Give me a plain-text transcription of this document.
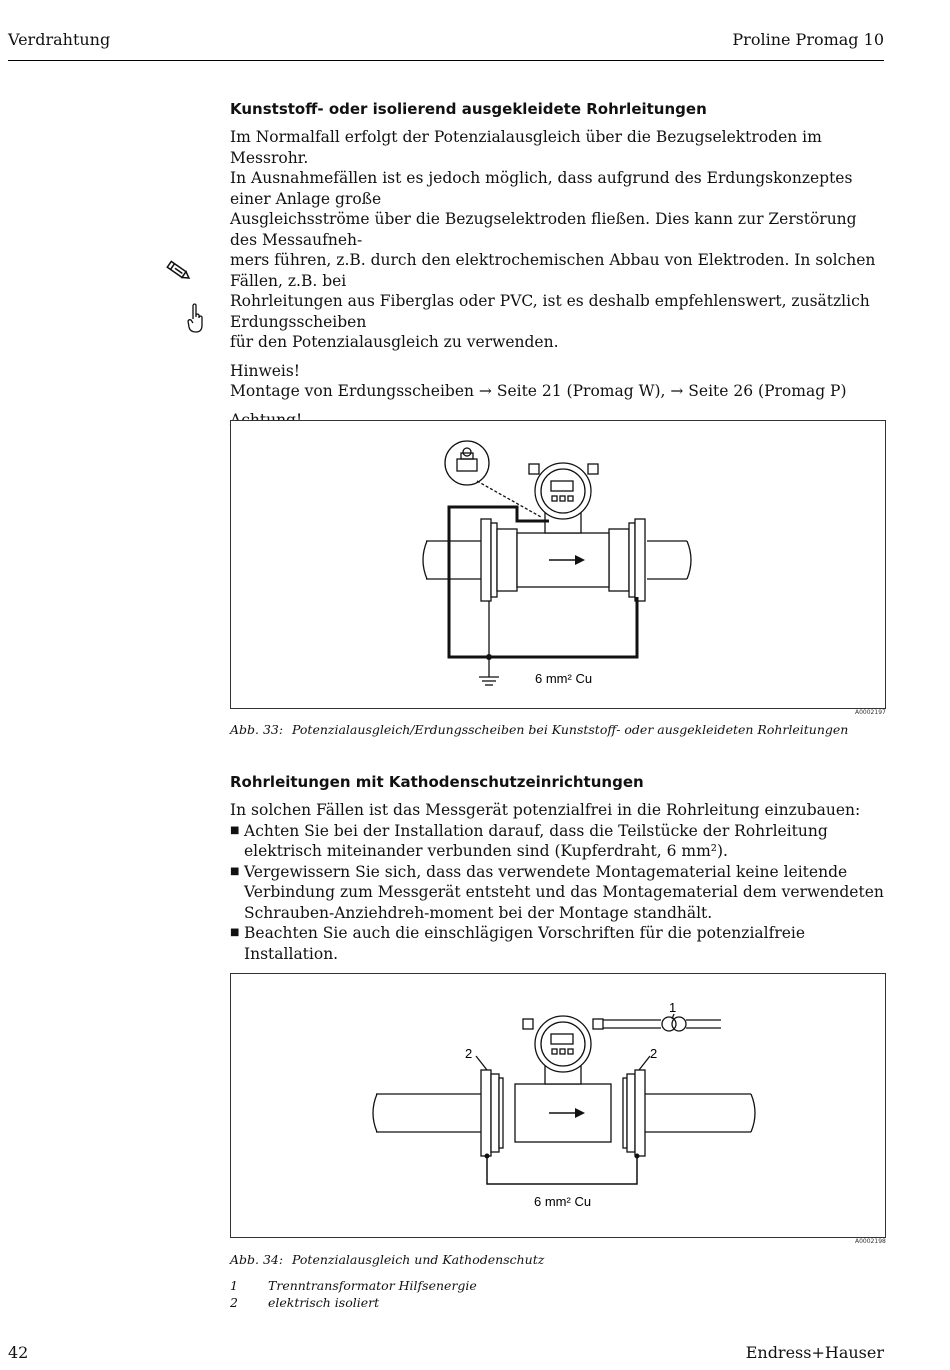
Verdrahtung	Proline Promag 10
Kunststoff- oder isolierend ausgekleidete Rohrleitungen

Im Normalfall erfolgt der Potenzialausgleich über die Bezugselektroden im Messrohr.

In Ausnahmefällen ist es jedoch möglich, dass aufgrund des Erdungskonzeptes einer Anlage große

Ausgleichsströme über die Bezugselektroden fließen. Dies kann zur Zerstörung des Messaufneh-

mers führen, z.B. durch den elektrochemischen Abbau von Elektroden. In solchen Fällen, z.B. bei

Rohrleitungen aus Fiberglas oder PVC, ist es deshalb empfehlenswert, zusätzlich Erdungsscheiben

für den Potenzialausgleich zu verwenden.

Hinweis!

Montage von Erdungsscheiben → Seite 21 (Promag W), → Seite 26 (Promag P)

■
■
6 mm² Cu
A0002197
Abb. 33: Potenzialausgleich/Erdungsscheiben bei Kunststoff- oder ausgekleideten Rohrleitungen
Rohrleitungen mit Kathodenschutzeinrichtungen

In solchen Fällen ist das Messgerät potenzialfrei in die Rohrleitung einzubauen:

■ Achten Sie bei der Installation darauf, dass die Teilstücke der Rohrleitung elektrisch miteinander verbunden sind (Kupferdraht, 6 mm²).
■ Vergewissern Sie sich, dass das verwendete Montagematerial keine leitende Verbindung zum Messgerät entsteht und das Montagematerial dem verwendeten Schrauben-Anziehdreh-moment bei der Montage standhält.
■ Beachten Sie auch die einschlägigen Vorschriften für die potenzialfreie Installation.
1
2	2
6 mm² Cu
A0002198
Abb. 34: Potenzialausgleich und Kathodenschutz
1 Trenntransformator Hilfsenergie
2 elektrisch isoliert
42	Endress+Hauser
